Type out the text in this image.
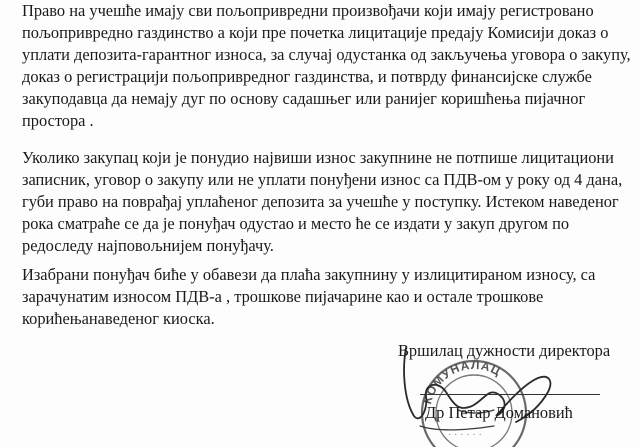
Право на учешће имају сви пољопривредни произвођачи који имају регистровано
пољопривредно газдинство а који пре почетка лицитације предају Комисији доказ о
уплати депозита-гарантног износа, за случај одустанка од закључења уговора о закупу,
доказ о регистрацији пољопривредног газдинства, и потврду финансијске службе
закуподавца да немају дуг по основу садашњег или ранијег коришћења пијачног
простора .

Уколико закупац који је понудио највиши износ закупнине не потпише лицитациони
записник, уговор о закупу или не уплати понуђени износ са ПДВ-ом у року од 4 дана,
губи право на поврађај уплаћеног депозита за учешће у поступку. Истеком наведеног
рока сматраће се да је понуђач одустао и место ће се издати у закуп другом по
редоследу најповољнијем понуђачу.

Изабрани понуђач биће у обавези да плаћа закупнину у излицитираном износу, са
зарачунатим износом ПДВ-а , трошкове пијачарине као и остале трошкове
корићењанаведеног киоска.

КОМУНАЛАЦ
· · · · · ·
Вршилац дужности директора
Др Петар Домановић
